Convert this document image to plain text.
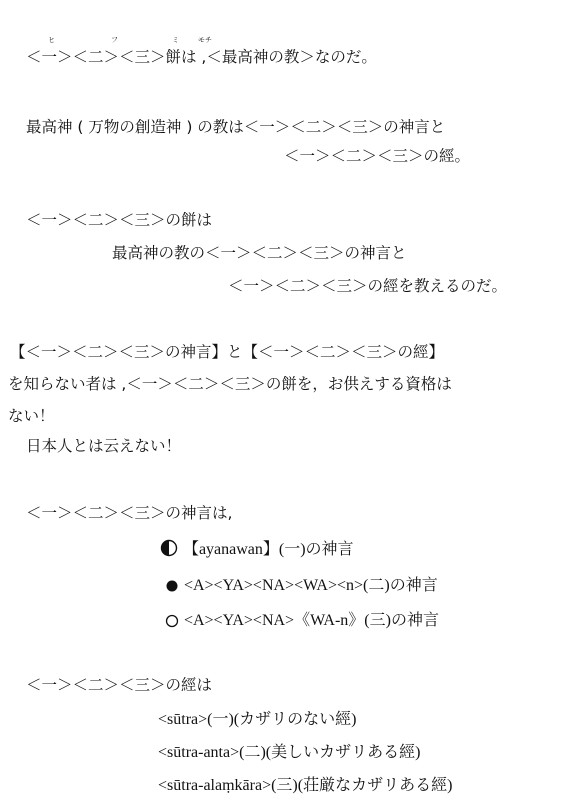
＜一＞＜二＞＜三＞餅は ,＜最高神の教＞なのだ。
最高神 ( 万物の創造神 ) の教は＜一＞＜二＞＜三＞の神言と
＜一＞＜二＞＜三＞の經。
＜一＞＜二＞＜三＞の餅は
最高神の教の＜一＞＜二＞＜三＞の神言と
＜一＞＜二＞＜三＞の經を教えるのだ。
【＜一＞＜二＞＜三＞の神言】と【＜一＞＜二＞＜三＞の經】
を知らない者は ,＜一＞＜二＞＜三＞の餅を，お供えする資格は
ない！
日本人とは云えない！
＜一＞＜二＞＜三＞の神言は,
【ayanawan】(一)の神言
<A><YA><NA><WA><n>(二)の神言
<A><YA><NA>《WA-n》(三)の神言
＜一＞＜二＞＜三＞の經は
<sūtra>(一)(カザリのない經)
<sūtra-anta>(二)(美しいカザリある經)
<sūtra-alaṃkāra>(三)(荘厳なカザリある經)
ヒ	フ	ミ	モチ
